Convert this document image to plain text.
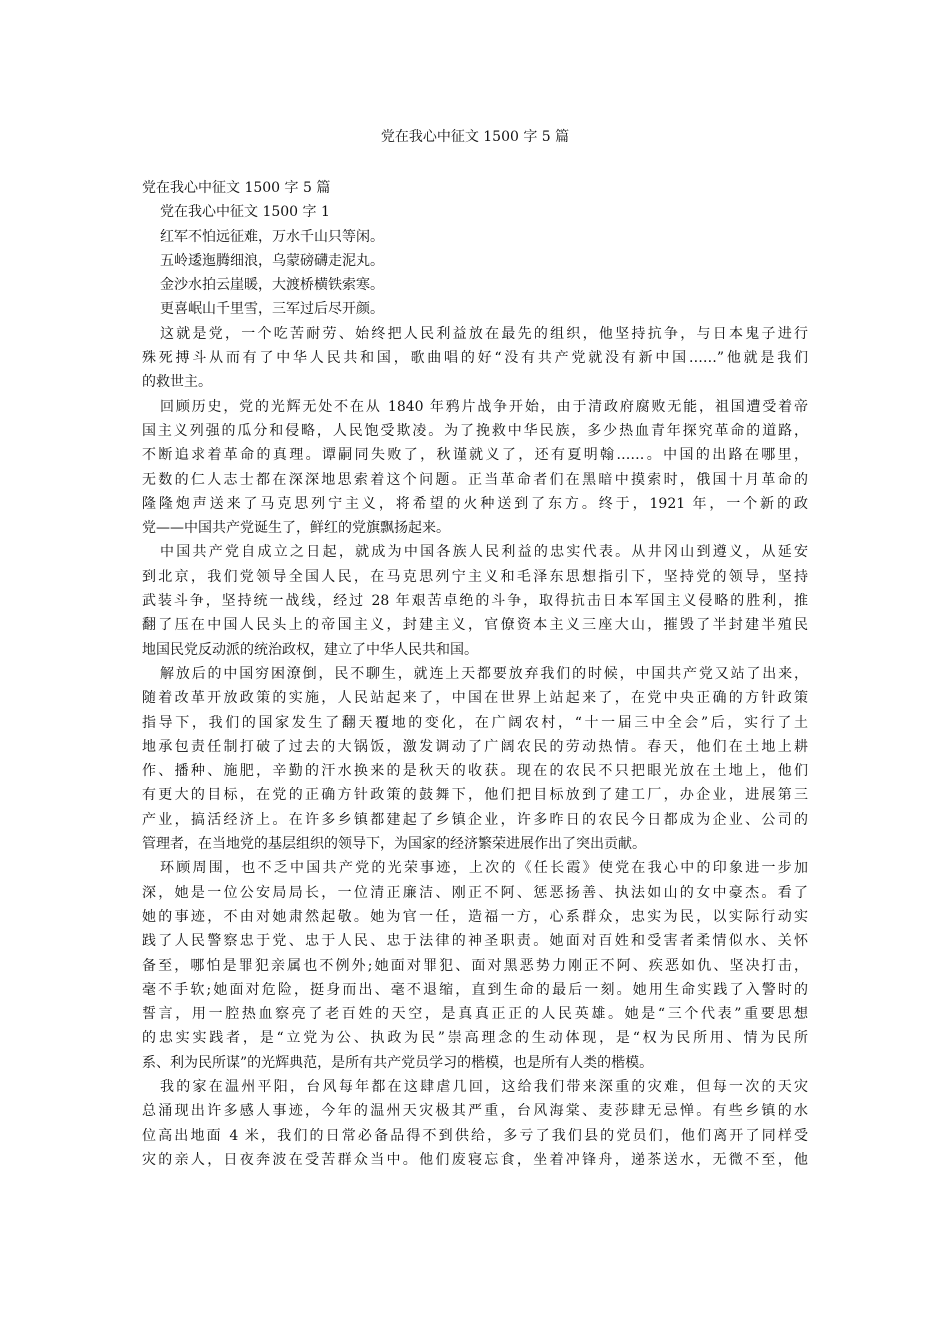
党在我心中征文 1500 字 5 篇
党在我心中征文 1500 字 5 篇
党在我心中征文 1500 字 1
红军不怕远征难，万水千山只等闲。
五岭逶迤腾细浪，乌蒙磅礴走泥丸。
金沙水拍云崖暖，大渡桥横铁索寒。
更喜岷山千里雪，三军过后尽开颜。
这就是党，一个吃苦耐劳、始终把人民利益放在最先的组织，他坚持抗争，与日本鬼子进行
殊死搏斗从而有了中华人民共和国，歌曲唱的好“没有共产党就没有新中国……”他就是我们
的救世主。
回顾历史，党的光辉无处不在从 1840 年鸦片战争开始，由于清政府腐败无能，祖国遭受着帝
国主义列强的瓜分和侵略，人民饱受欺凌。为了挽救中华民族，多少热血青年探究革命的道路，
不断追求着革命的真理。谭嗣同失败了，秋谨就义了，还有夏明翰……。中国的出路在哪里，
无数的仁人志士都在深深地思索着这个问题。正当革命者们在黑暗中摸索时，俄国十月革命的
隆隆炮声送来了马克思列宁主义，将希望的火种送到了东方。终于，1921 年，一个新的政
党——中国共产党诞生了，鲜红的党旗飘扬起来。
中国共产党自成立之日起，就成为中国各族人民利益的忠实代表。从井冈山到遵义，从延安
到北京，我们党领导全国人民，在马克思列宁主义和毛泽东思想指引下，坚持党的领导，坚持
武装斗争，坚持统一战线，经过 28 年艰苦卓绝的斗争，取得抗击日本军国主义侵略的胜利，推
翻了压在中国人民头上的帝国主义，封建主义，官僚资本主义三座大山，摧毁了半封建半殖民
地国民党反动派的统治政权，建立了中华人民共和国。
解放后的中国穷困潦倒，民不聊生，就连上天都要放弃我们的时候，中国共产党又站了出来，
随着改革开放政策的实施，人民站起来了，中国在世界上站起来了，在党中央正确的方针政策
指导下，我们的国家发生了翻天覆地的变化，在广阔农村，“十一届三中全会”后，实行了土
地承包责任制打破了过去的大锅饭，激发调动了广阔农民的劳动热情。春天，他们在土地上耕
作、播种、施肥，辛勤的汗水换来的是秋天的收获。现在的农民不只把眼光放在土地上，他们
有更大的目标，在党的正确方针政策的鼓舞下，他们把目标放到了建工厂，办企业，进展第三
产业，搞活经济上。在许多乡镇都建起了乡镇企业，许多昨日的农民今日都成为企业、公司的
管理者，在当地党的基层组织的领导下，为国家的经济繁荣进展作出了突出贡献。
环顾周围，也不乏中国共产党的光荣事迹，上次的《任长霞》使党在我心中的印象进一步加
深，她是一位公安局局长，一位清正廉洁、刚正不阿、惩恶扬善、执法如山的女中豪杰。看了
她的事迹，不由对她肃然起敬。她为官一任，造福一方，心系群众，忠实为民，以实际行动实
践了人民警察忠于党、忠于人民、忠于法律的神圣职责。她面对百姓和受害者柔情似水、关怀
备至，哪怕是罪犯亲属也不例外;她面对罪犯、面对黑恶势力刚正不阿、疾恶如仇、坚决打击，
毫不手软;她面对危险，挺身而出、毫不退缩，直到生命的最后一刻。她用生命实践了入警时的
誓言，用一腔热血察亮了老百姓的天空，是真真正正的人民英雄。她是“三个代表”重要思想
的忠实实践者，是“立党为公、执政为民”崇高理念的生动体现，是“权为民所用、情为民所
系、利为民所谋”的光辉典范，是所有共产党员学习的楷模，也是所有人类的楷模。
我的家在温州平阳，台风每年都在这肆虐几回，这给我们带来深重的灾难，但每一次的天灾
总涌现出许多感人事迹，今年的温州天灾极其严重，台风海棠、麦莎肆无忌惮。有些乡镇的水
位高出地面 4 米，我们的日常必备品得不到供给，多亏了我们县的党员们，他们离开了同样受
灾的亲人，日夜奔波在受苦群众当中。他们废寝忘食，坐着冲锋舟，递茶送水，无微不至，他
